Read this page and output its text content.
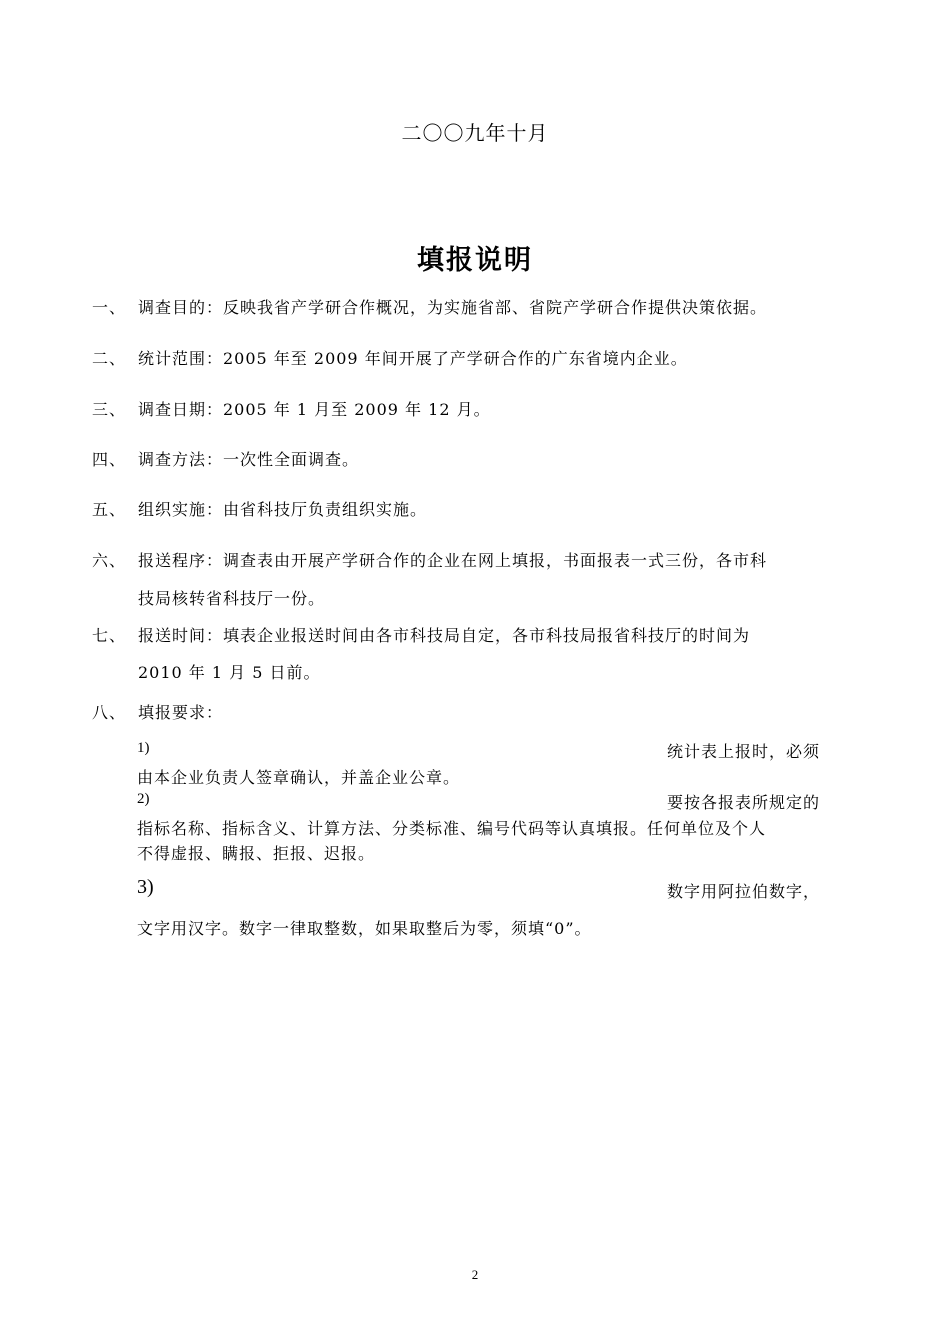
二〇〇九年十月
填报说明
一、 调查目的：反映我省产学研合作概况，为实施省部、省院产学研合作提供决策依据。
二、 统计范围：2005 年至 2009 年间开展了产学研合作的广东省境内企业。
三、 调查日期：2005 年 1 月至 2009 年 12 月。
四、 调查方法：一次性全面调查。
五、 组织实施：由省科技厅负责组织实施。
六、 报送程序：调查表由开展产学研合作的企业在网上填报，书面报表一式三份，各市科
技局核转省科技厅一份。
七、 报送时间：填表企业报送时间由各市科技局自定，各市科技局报省科技厅的时间为
2010 年 1 月 5 日前。
八、 填报要求：
1)	统计表上报时，必须
由本企业负责人签章确认，并盖企业公章。
2)	要按各报表所规定的
指标名称、指标含义、计算方法、分类标准、编号代码等认真填报。任何单位及个人
不得虚报、瞒报、拒报、迟报。
3)	数字用阿拉伯数字，
文字用汉字。数字一律取整数，如果取整后为零，须填“0”。
2
